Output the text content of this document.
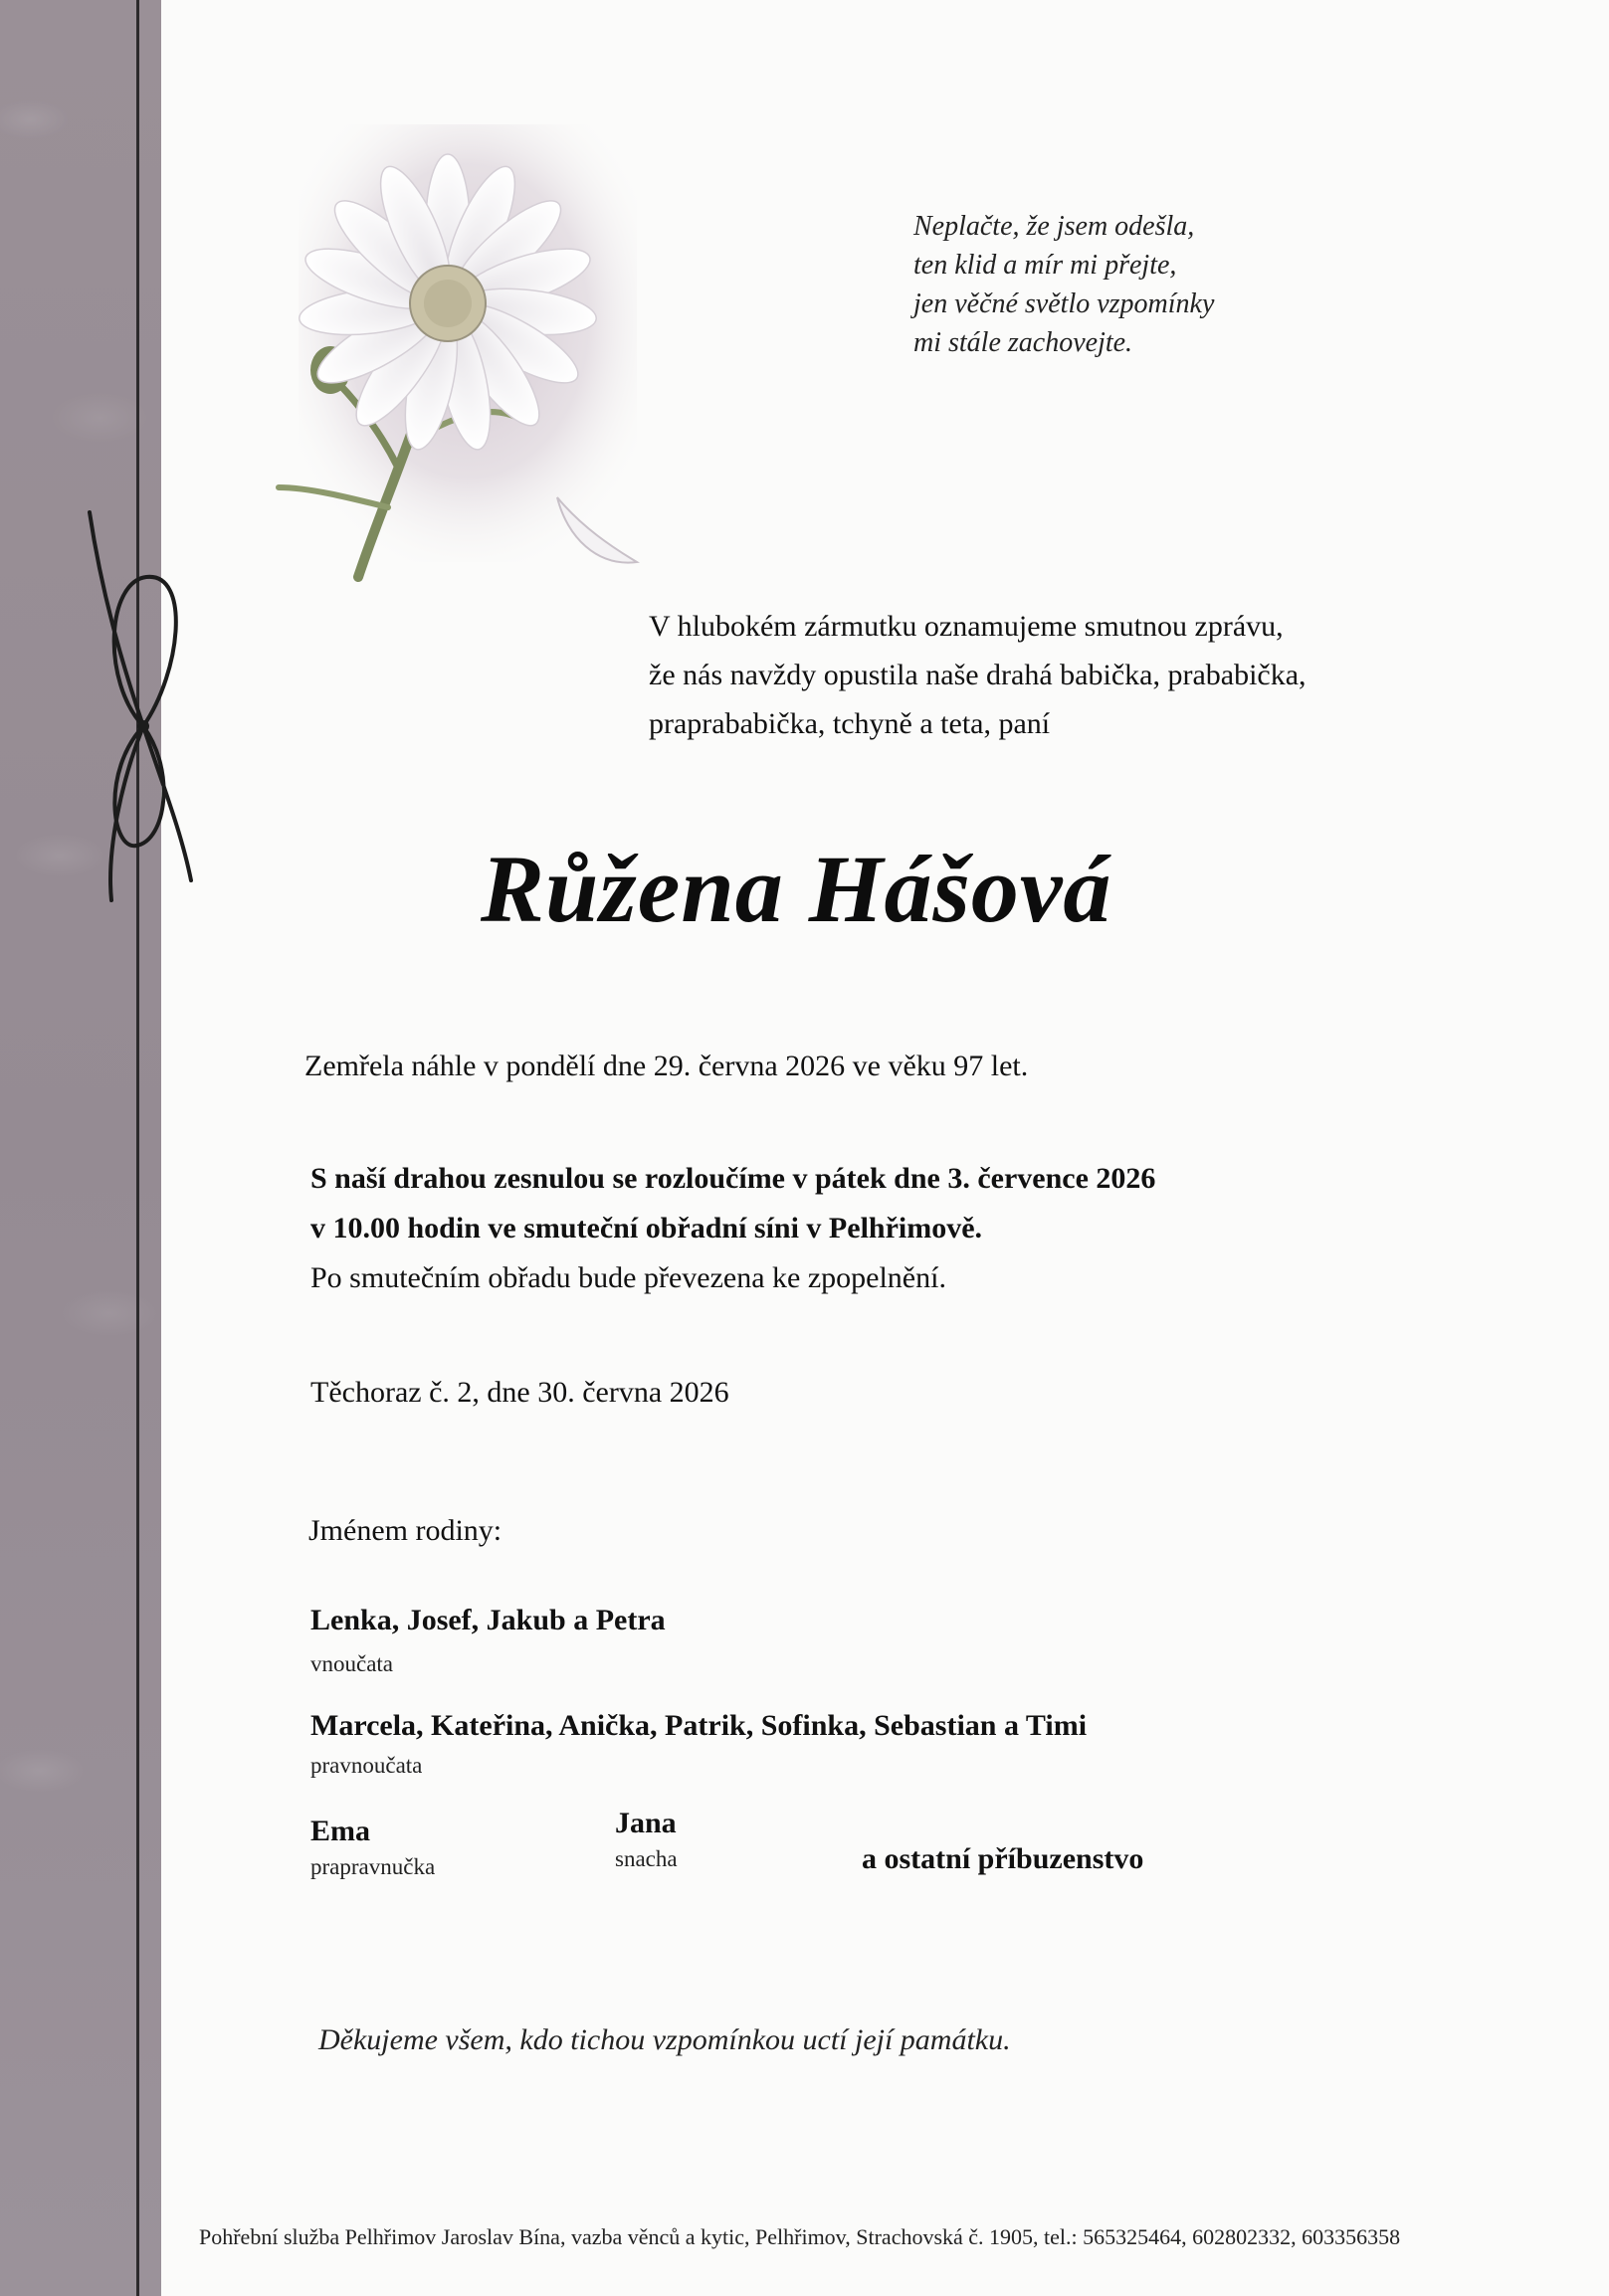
Neplačte, že jsem odešla,
ten klid a mír mi přejte,
jen věčné světlo vzpomínky
mi stále zachovejte.
V hlubokém zármutku oznamujeme smutnou zprávu,
že nás navždy opustila naše drahá babička, prababička,
praprababička, tchyně a teta, paní
Růžena Hášová
Zemřela náhle v pondělí dne 29. června 2026 ve věku 97 let.
S naší drahou zesnulou se rozloučíme v pátek dne 3. července 2026
v 10.00 hodin ve smuteční obřadní síni v Pelhřimově.
Po smutečním obřadu bude převezena ke zpopelnění.
Těchoraz č. 2, dne 30. června 2026
Jménem rodiny:
Lenka, Josef, Jakub a Petra
vnoučata
Marcela, Kateřina, Anička, Patrik, Sofinka, Sebastian a Timi
pravnoučata
Ema
prapravnučka
Jana
snacha	a ostatní příbuzenstvo
Děkujeme všem, kdo tichou vzpomínkou uctí její památku.
Pohřební služba Pelhřimov Jaroslav Bína, vazba věnců a kytic, Pelhřimov, Strachovská č. 1905, tel.: 565325464, 602802332, 603356358
